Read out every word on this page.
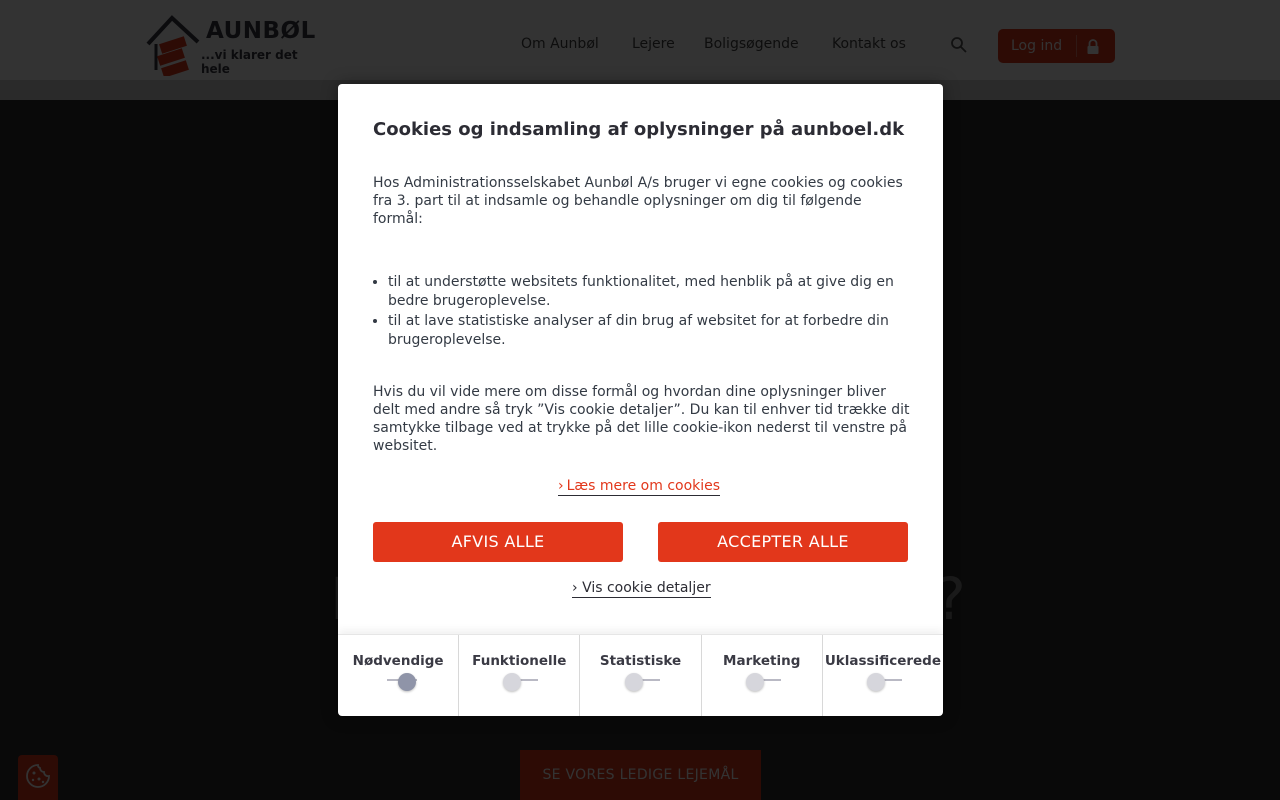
Cookies og indsamling af oplysninger på aunboel.dk

Hos Administrationsselskabet Aunbøl A/s bruger vi egne cookies og cookies fra 3. part til at indsamle og behandle oplysninger om dig til følgende formål:

• til at understøtte websitets funktionalitet, med henblik på at give dig en bedre brugeroplevelse.
• til at lave statistiske analyser af din brug af websitet for at forbedre din brugeroplevelse.

Hvis du vil vide mere om disse formål og hvordan dine oplysninger bliver delt med andre så tryk ”Vis cookie detaljer”. Du kan til enhver tid trække dit samtykke tilbage ved at trykke på det lille cookie-ikon nederst til venstre på websitet.

› Læs mere om cookies
AFVIS ALLE	ACCEPTER ALLE
› Vis cookie detaljer
Nødvendige	Funktionelle	Statistiske	Marketing	Uklassificerede
